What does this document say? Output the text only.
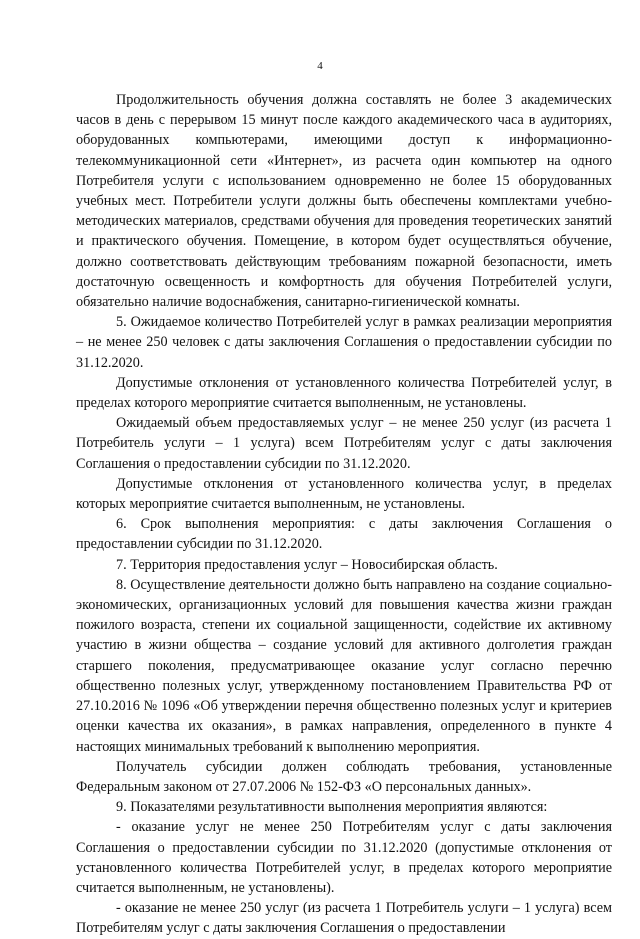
4

Продолжительность обучения должна составлять не более 3 академических часов в день с перерывом 15 минут после каждого академического часа в аудиториях, оборудованных компьютерами, имеющими доступ к информационно-телекоммуникационной сети «Интернет», из расчета один компьютер на одного Потребителя услуги с использованием одновременно не более 15 оборудованных учебных мест. Потребители услуги должны быть обеспечены комплектами учебно-методических материалов, средствами обучения для проведения теоретических занятий и практического обучения. Помещение, в котором будет осуществляться обучение, должно соответствовать действующим требованиям пожарной безопасности, иметь достаточную освещенность и комфортность для обучения Потребителей услуги, обязательно наличие водоснабжения, санитарно-гигиенической комнаты.

5. Ожидаемое количество Потребителей услуг в рамках реализации мероприятия – не менее 250 человек с даты заключения Соглашения о предоставлении субсидии по 31.12.2020.

Допустимые отклонения от установленного количества Потребителей услуг, в пределах которого мероприятие считается выполненным, не установлены.

Ожидаемый объем предоставляемых услуг – не менее 250 услуг (из расчета 1 Потребитель услуги – 1 услуга) всем Потребителям услуг с даты заключения Соглашения о предоставлении субсидии по 31.12.2020.

Допустимые отклонения от установленного количества услуг, в пределах которых мероприятие считается выполненным, не установлены.

6. Срок выполнения мероприятия: с даты заключения Соглашения о предоставлении субсидии по 31.12.2020.

7. Территория предоставления услуг – Новосибирская область.

8. Осуществление деятельности должно быть направлено на создание социально-экономических, организационных условий для повышения качества жизни граждан пожилого возраста, степени их социальной защищенности, содействие их активному участию в жизни общества – создание условий для активного долголетия граждан старшего поколения, предусматривающее оказание услуг согласно перечню общественно полезных услуг, утвержденному постановлением Правительства РФ от 27.10.2016 № 1096 «Об утверждении перечня общественно полезных услуг и критериев оценки качества их оказания», в рамках направления, определенного в пункте 4 настоящих минимальных требований к выполнению мероприятия.

Получатель субсидии должен соблюдать требования, установленные Федеральным законом от 27.07.2006 № 152-ФЗ «О персональных данных».

9. Показателями результативности выполнения мероприятия являются:

- оказание услуг не менее 250 Потребителям услуг с даты заключения Соглашения о предоставлении субсидии по 31.12.2020 (допустимые отклонения от установленного количества Потребителей услуг, в пределах которого мероприятие считается выполненным, не установлены).

- оказание не менее 250 услуг (из расчета 1 Потребитель услуги – 1 услуга) всем Потребителям услуг с даты заключения Соглашения о предоставлении
